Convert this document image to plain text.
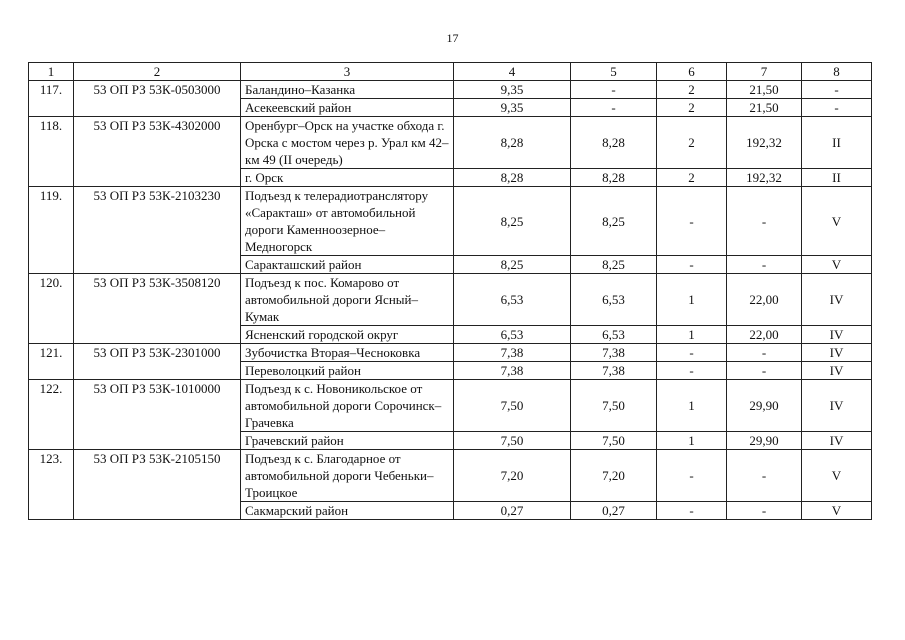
17
1	2	3	4	5	6	7	8
117.	53 ОП РЗ 53К-0503000	Баландино–Казанка	9,35	-	2	21,50	-
		Асекеевский район	9,35	-	2	21,50	-
118.	53 ОП РЗ 53К-4302000	Оренбург–Орск на участке обхода г. Орска с мостом через р. Урал км 42–км 49 (II очередь)	8,28	8,28	2	192,32	II
		г. Орск	8,28	8,28	2	192,32	II
119.	53 ОП РЗ 53К-2103230	Подъезд к телерадиотранслятору «Саракташ» от автомобильной дороги Каменноозерное–Медногорск	8,25	8,25	-	-	V
		Саракташский район	8,25	8,25	-	-	V
120.	53 ОП РЗ 53К-3508120	Подъезд к пос. Комарово от автомобильной дороги Ясный–Кумак	6,53	6,53	1	22,00	IV
		Ясненский городской округ	6,53	6,53	1	22,00	IV
121.	53 ОП РЗ 53К-2301000	Зубочистка Вторая–Чесноковка	7,38	7,38	-	-	IV
		Переволоцкий район	7,38	7,38	-	-	IV
122.	53 ОП РЗ 53К-1010000	Подъезд к с. Новоникольское от автомобильной дороги Сорочинск–Грачевка	7,50	7,50	1	29,90	IV
		Грачевский район	7,50	7,50	1	29,90	IV
123.	53 ОП РЗ 53К-2105150	Подъезд к с. Благодарное от автомобильной дороги Чебеньки–Троицкое	7,20	7,20	-	-	V
		Сакмарский район	0,27	0,27	-	-	V
